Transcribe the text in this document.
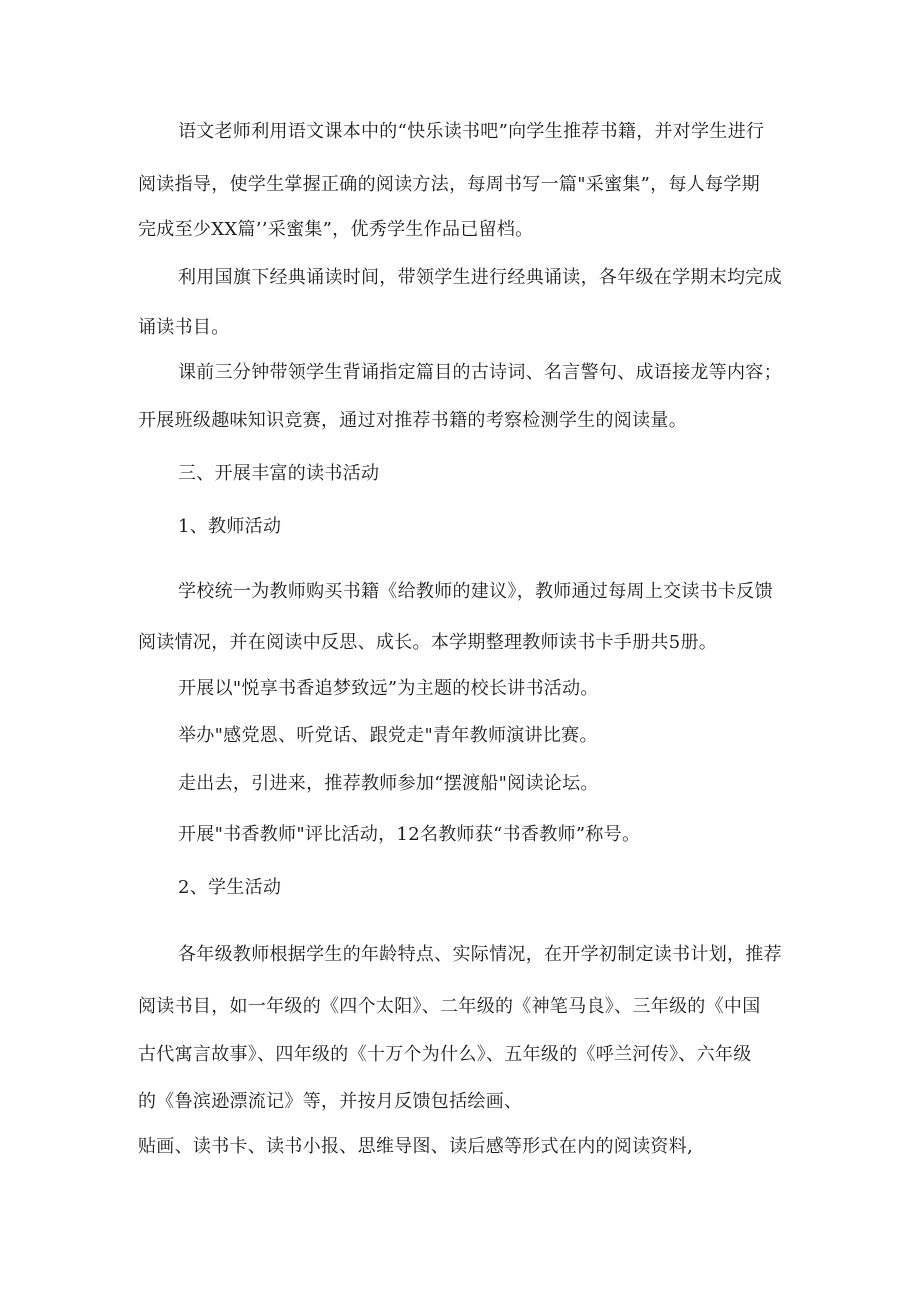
语文老师利用语文课本中的“快乐读书吧”向学生推荐书籍，并对学生进行
阅读指导，使学生掌握正确的阅读方法，每周书写一篇"采蜜集”，每人每学期
完成至少XX篇’’采蜜集”，优秀学生作品已留档。
利用国旗下经典诵读时间，带领学生进行经典诵读，各年级在学期末均完成
诵读书目。
课前三分钟带领学生背诵指定篇目的古诗词、名言警句、成语接龙等内容；
开展班级趣味知识竞赛，通过对推荐书籍的考察检测学生的阅读量。
三、开展丰富的读书活动
1、教师活动
学校统一为教师购买书籍《给教师的建议》，教师通过每周上交读书卡反馈
阅读情况，并在阅读中反思、成长。本学期整理教师读书卡手册共5册。
开展以"悦享书香追梦致远”为主题的校长讲书活动。
举办"感党恩、听党话、跟党走"青年教师演讲比赛。
走出去，引进来，推荐教师参加“摆渡船"阅读论坛。
开展"书香教师"评比活动，12名教师获“书香教师”称号。
2、学生活动
各年级教师根据学生的年龄特点、实际情况，在开学初制定读书计划，推荐
阅读书目，如一年级的《四个太阳》、二年级的《神笔马良》、三年级的《中国
古代寓言故事》、四年级的《十万个为什么》、五年级的《呼兰河传》、六年级
的《鲁滨逊漂流记》等，并按月反馈包括绘画、
贴画、读书卡、读书小报、思维导图、读后感等形式在内的阅读资料,
